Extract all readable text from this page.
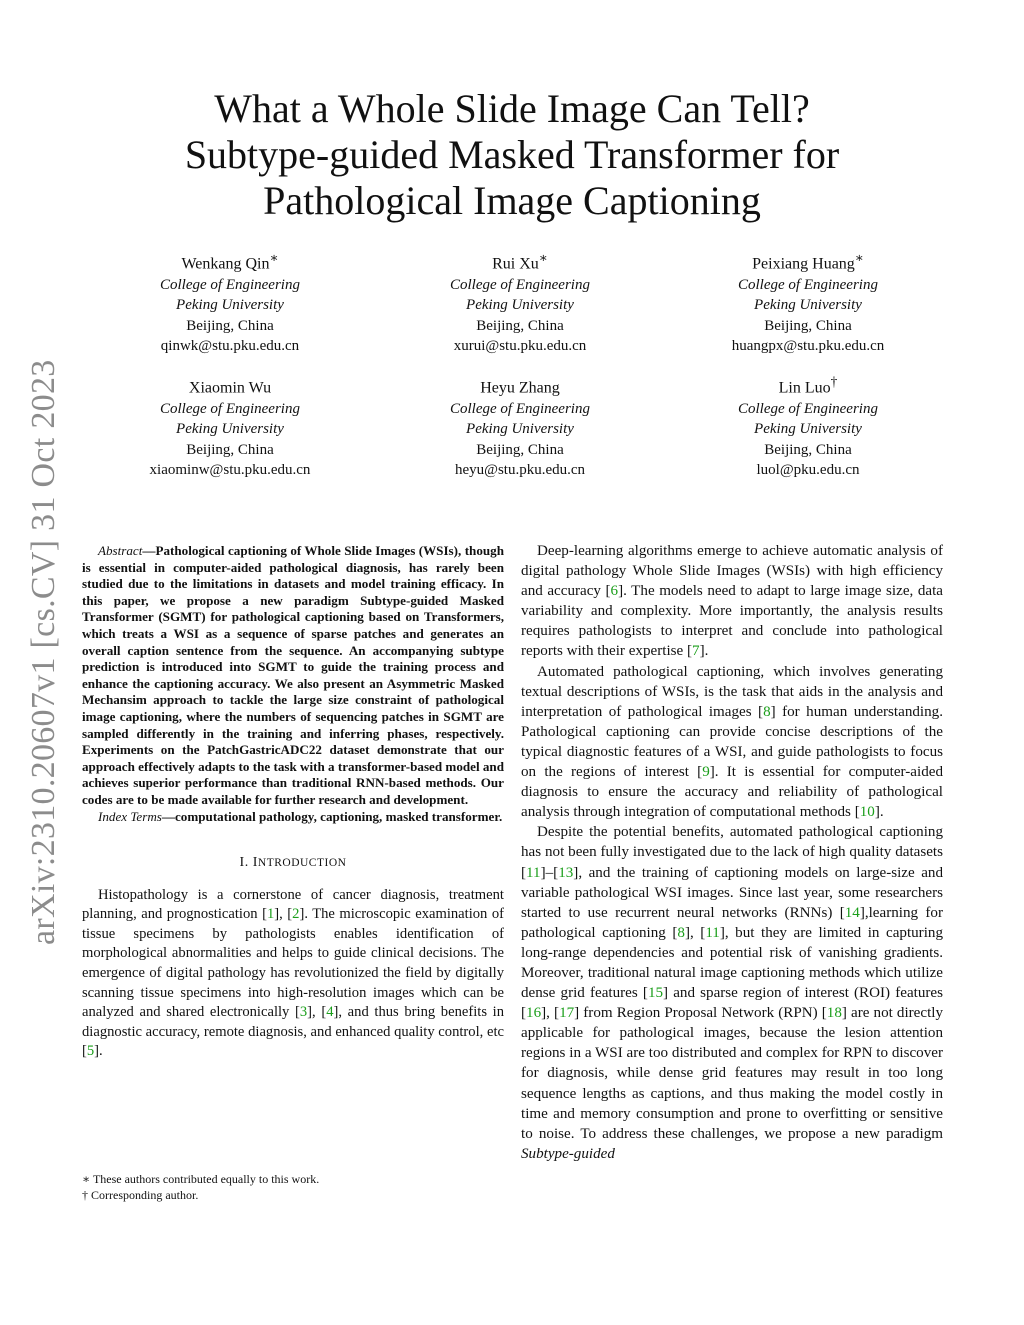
arXiv:2310.20607v1 [cs.CV] 31 Oct 2023
What a Whole Slide Image Can Tell?
Subtype-guided Masked Transformer for
Pathological Image Captioning
Wenkang Qin∗
College of Engineering
Peking University
Beijing, China
qinwk@stu.pku.edu.cn
Rui Xu∗
College of Engineering
Peking University
Beijing, China
xurui@stu.pku.edu.cn
Peixiang Huang∗
College of Engineering
Peking University
Beijing, China
huangpx@stu.pku.edu.cn
Xiaomin Wu
College of Engineering
Peking University
Beijing, China
xiaominw@stu.pku.edu.cn
Heyu Zhang
College of Engineering
Peking University
Beijing, China
heyu@stu.pku.edu.cn
Lin Luo†
College of Engineering
Peking University
Beijing, China
luol@pku.edu.cn

Abstract—Pathological captioning of Whole Slide Images (WSIs), though is essential in computer-aided pathological diagnosis, has rarely been studied due to the limitations in datasets and model training efficacy. In this paper, we propose a new paradigm Subtype-guided Masked Transformer (SGMT) for pathological captioning based on Transformers, which treats a WSI as a sequence of sparse patches and generates an overall caption sentence from the sequence. An accompanying subtype prediction is introduced into SGMT to guide the training process and enhance the captioning accuracy. We also present an Asymmetric Masked Mechansim approach to tackle the large size constraint of pathological image captioning, where the numbers of sequencing patches in SGMT are sampled differently in the training and inferring phases, respectively. Experiments on the PatchGastricADC22 dataset demonstrate that our approach effectively adapts to the task with a transformer-based model and achieves superior performance than traditional RNN-based methods. Our codes are to be made available for further research and development.

Index Terms—computational pathology, captioning, masked transformer.

I. INTRODUCTION

Histopathology is a cornerstone of cancer diagnosis, treatment planning, and prognostication [1], [2]. The microscopic examination of tissue specimens by pathologists enables identification of morphological abnormalities and helps to guide clinical decisions. The emergence of digital pathology has revolutionized the field by digitally scanning tissue specimens into high-resolution images which can be analyzed and shared electronically [3], [4], and thus bring benefits in diagnostic accuracy, remote diagnosis, and enhanced quality control, etc [5].

∗ These authors contributed equally to this work.
† Corresponding author.

Deep-learning algorithms emerge to achieve automatic analysis of digital pathology Whole Slide Images (WSIs) with high efficiency and accuracy [6]. The models need to adapt to large image size, data variability and complexity. More importantly, the analysis results requires pathologists to interpret and conclude into pathological reports with their expertise [7].

Automated pathological captioning, which involves generating textual descriptions of WSIs, is the task that aids in the analysis and interpretation of pathological images [8] for human understanding. Pathological captioning can provide concise descriptions of the typical diagnostic features of a WSI, and guide pathologists to focus on the regions of interest [9]. It is essential for computer-aided diagnosis to ensure the accuracy and reliability of pathological analysis through integration of computational methods [10].

Despite the potential benefits, automated pathological captioning has not been fully investigated due to the lack of high quality datasets [11]–[13], and the training of captioning models on large-size and variable pathological WSI images. Since last year, some researchers started to use recurrent neural networks (RNNs) [14],learning for pathological captioning [8], [11], but they are limited in capturing long-range dependencies and potential risk of vanishing gradients. Moreover, traditional natural image captioning methods which utilize dense grid features [15] and sparse region of interest (ROI) features [16], [17] from Region Proposal Network (RPN) [18] are not directly applicable for pathological images, because the lesion attention regions in a WSI are too distributed and complex for RPN to discover for diagnosis, while dense grid features may result in too long sequence lengths as captions, and thus making the model costly in time and memory consumption and prone to overfitting or sensitive to noise. To address these challenges, we propose a new paradigm Subtype-guided
